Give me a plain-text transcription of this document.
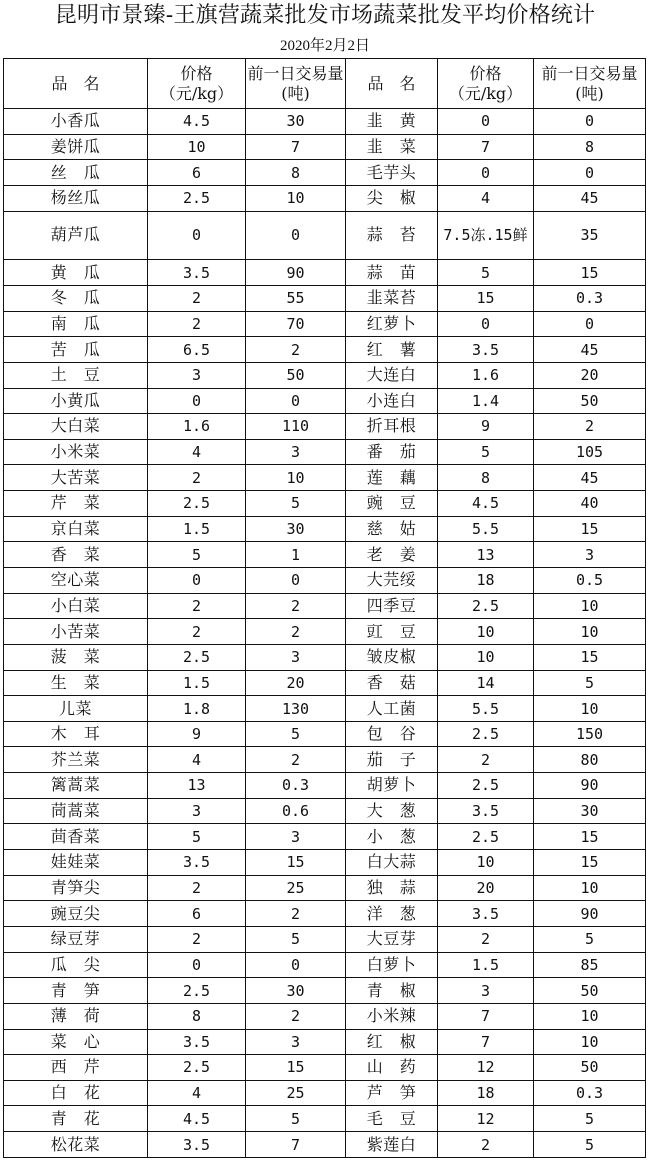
昆明市景臻-王旗营蔬菜批发市场蔬菜批发平均价格统计
2020年2月2日
品　名	价格（元/kg）	前一日交易量(吨)	品　名	价格（元/kg）	前一日交易量(吨)
小香瓜	4.5	30	韭　黄	0	0
姜饼瓜	10	7	韭　菜	7	8
丝　瓜	6	8	毛芋头	0	0
杨丝瓜	2.5	10	尖　椒	4	45
葫芦瓜	0	0	蒜　苔	7.5冻.15鲜	35
黄　瓜	3.5	90	蒜　苗	5	15
冬　瓜	2	55	韭菜苔	15	0.3
南　瓜	2	70	红萝卜	0	0
苦　瓜	6.5	2	红　薯	3.5	45
土　豆	3	50	大连白	1.6	20
小黄瓜	0	0	小连白	1.4	50
大白菜	1.6	110	折耳根	9	2
小米菜	4	3	番　茄	5	105
大苦菜	2	10	莲　藕	8	45
芹　菜	2.5	5	豌　豆	4.5	40
京白菜	1.5	30	慈　姑	5.5	15
香　菜	5	1	老　姜	13	3
空心菜	0	0	大芫绥	18	0.5
小白菜	2	2	四季豆	2.5	10
小苦菜	2	2	豇　豆	10	10
菠　菜	2.5	3	皱皮椒	10	15
生　菜	1.5	20	香　菇	14	5
儿菜	1.8	130	人工菌	5.5	10
木　耳	9	5	包　谷	2.5	150
芥兰菜	4	2	茄　子	2	80
篱蒿菜	13	0.3	胡萝卜	2.5	90
茼蒿菜	3	0.6	大　葱	3.5	30
茴香菜	5	3	小　葱	2.5	15
娃娃菜	3.5	15	白大蒜	10	15
青笋尖	2	25	独　蒜	20	10
豌豆尖	6	2	洋　葱	3.5	90
绿豆芽	2	5	大豆芽	2	5
瓜　尖	0	0	白萝卜	1.5	85
青　笋	2.5	30	青　椒	3	50
薄　荷	8	2	小米辣	7	10
菜　心	3.5	3	红　椒	7	10
西　芹	2.5	15	山　药	12	50
白　花	4	25	芦　笋	18	0.3
青　花	4.5	5	毛　豆	12	5
松花菜	3.5	7	紫莲白	2	5
